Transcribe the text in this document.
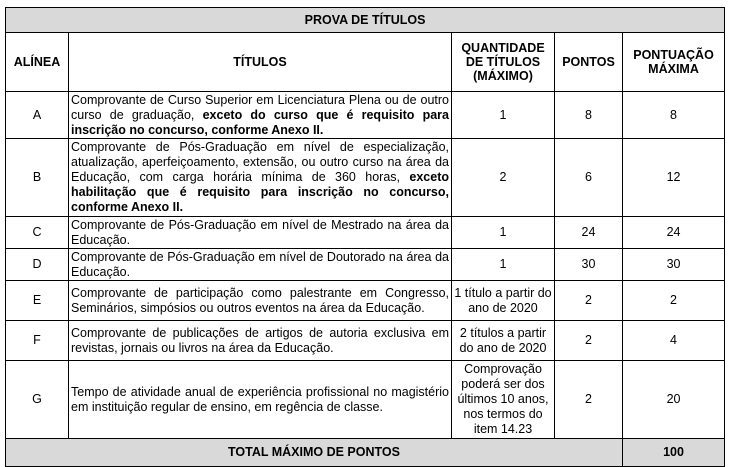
PROVA DE TÍTULOS				
ALÍNEA	TÍTULOS	QUANTIDADE DE TÍTULOS (MÁXIMO)	PONTOS	PONTUAÇÃO MÁXIMA
A	Comprovante de Curso Superior em Licenciatura Plena ou de outro curso de graduação, exceto do curso que é requisito para inscrição no concurso, conforme Anexo II.	1	8	8
B	Comprovante de Pós-Graduação em nível de especialização, atualização, aperfeiçoamento, extensão, ou outro curso na área da Educação, com carga horária mínima de 360 horas, exceto habilitação que é requisito para inscrição no concurso, conforme Anexo II.	2	6	12
C	Comprovante de Pós-Graduação em nível de Mestrado na área da Educação.	1	24	24
D	Comprovante de Pós-Graduação em nível de Doutorado na área da Educação.	1	30	30
E	Comprovante de participação como palestrante em Congresso, Seminários, simpósios ou outros eventos na área da Educação.	1 título a partir do ano de 2020	2	2
F	Comprovante de publicações de artigos de autoria exclusiva em revistas, jornais ou livros na área da Educação.	2 títulos a partir do ano de 2020	2	4
G	Tempo de atividade anual de experiência profissional no magistério em instituição regular de ensino, em regência de classe.	Comprovação poderá ser dos últimos 10 anos, nos termos do item 14.23	2	20
TOTAL MÁXIMO DE PONTOS				100
